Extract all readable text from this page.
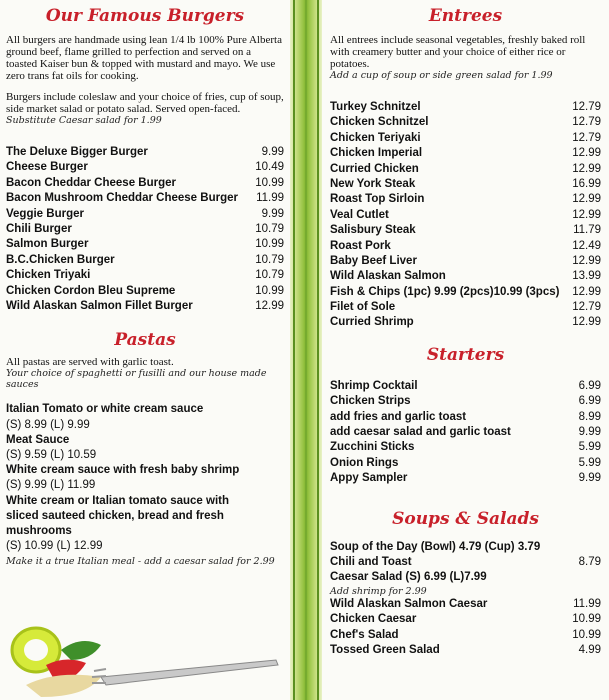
Our Famous Burgers

All burgers are handmade using lean 1/4 lb 100% Pure Alberta ground beef, flame grilled to perfection and served on a toasted Kaiser bun & topped with mustard and mayo. We use zero trans fat oils for cooking.

Burgers include coleslaw and your choice of fries, cup of soup, side market salad or potato salad. Served open-faced.

Substitute Caesar salad for 1.99

The Deluxe Bigger Burger	9.99
Cheese Burger	10.49
Bacon Cheddar Cheese Burger	10.99
Bacon Mushroom Cheddar Cheese Burger 11.99
Veggie Burger	9.99
Chili Burger	10.79
Salmon Burger	10.99
B.C.Chicken Burger	10.79
Chicken Triyaki	10.79
Chicken Cordon Bleu Supreme	10.99
Wild Alaskan Salmon Fillet Burger	12.99
Pastas

All pastas are served with garlic toast.

Your choice of spaghetti or fusilli and our house made sauces

Italian Tomato or white cream sauce

(S) 8.99 (L) 9.99

Meat Sauce

(S) 9.59 (L) 10.59

White cream sauce with fresh baby shrimp

(S) 9.99 (L) 11.99

White cream or Italian tomato sauce with

sliced sauteed chicken, bread and fresh

mushrooms

(S) 10.99 (L) 12.99

Make it a true Italian meal - add a caesar salad for 2.99

Entrees

All entrees include seasonal vegetables, freshly baked roll with creamery butter and your choice of either rice or potatoes.

Add a cup of soup or side green salad for 1.99

Turkey Schnitzel	12.79
Chicken Schnitzel	12.79
Chicken Teriyaki	12.79
Chicken Imperial	12.99
Curried Chicken	12.99
New York Steak	16.99
Roast Top Sirloin	12.99
Veal Cutlet	12.99
Salisbury Steak	11.79
Roast Pork	12.49
Baby Beef Liver	12.99
Wild Alaskan Salmon	13.99
Fish & Chips (1pc) 9.99 (2pcs)10.99 (3pcs) 12.99
Filet of Sole	12.79
Curried Shrimp	12.99
Starters
Shrimp Cocktail	6.99
Chicken Strips	6.99
add fries and garlic toast	8.99
add caesar salad and garlic toast	9.99
Zucchini Sticks	5.99
Onion Rings	5.99
Appy Sampler	9.99
Soups & Salads
Soup of the Day (Bowl) 4.79 (Cup) 3.79
Chili and Toast	8.79
Caesar Salad (S) 6.99 (L)7.99

Add shrimp for 2.99

Wild Alaskan Salmon Caesar	11.99
Chicken Caesar	10.99
Chef's Salad	10.99
Tossed Green Salad	4.99
